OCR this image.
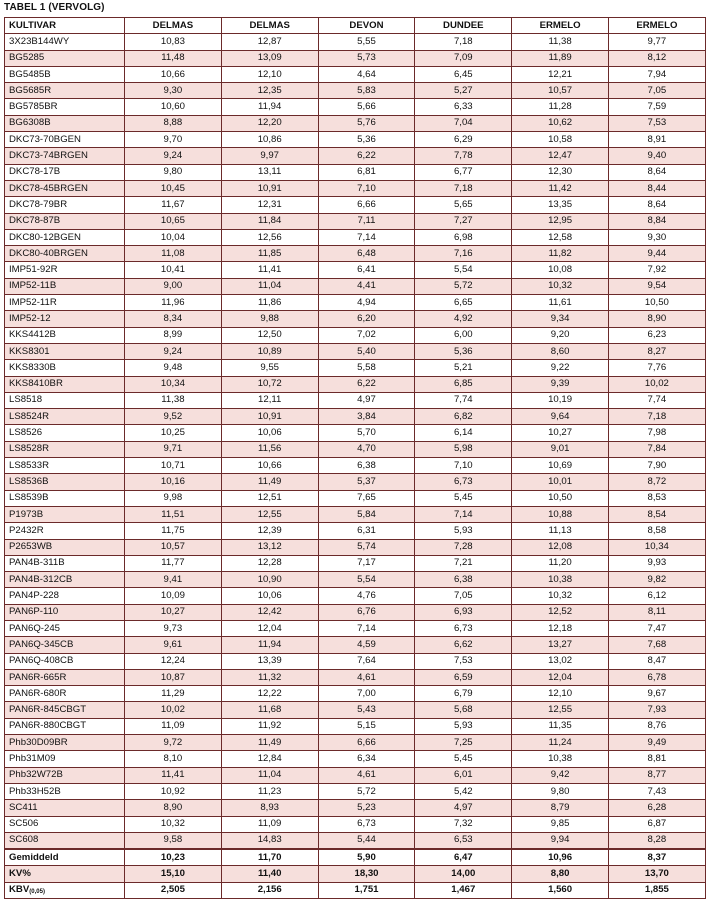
TABEL 1 (VERVOLG)
KULTIVAR	DELMAS	DELMAS	DEVON	DUNDEE	ERMELO	ERMELO
3X23B144WY	10,83	12,87	5,55	7,18	11,38	9,77
BG5285	11,48	13,09	5,73	7,09	11,89	8,12
BG5485B	10,66	12,10	4,64	6,45	12,21	7,94
BG5685R	9,30	12,35	5,83	5,27	10,57	7,05
BG5785BR	10,60	11,94	5,66	6,33	11,28	7,59
BG6308B	8,88	12,20	5,76	7,04	10,62	7,53
DKC73-70BGEN	9,70	10,86	5,36	6,29	10,58	8,91
DKC73-74BRGEN	9,24	9,97	6,22	7,78	12,47	9,40
DKC78-17B	9,80	13,11	6,81	6,77	12,30	8,64
DKC78-45BRGEN	10,45	10,91	7,10	7,18	11,42	8,44
DKC78-79BR	11,67	12,31	6,66	5,65	13,35	8,64
DKC78-87B	10,65	11,84	7,11	7,27	12,95	8,84
DKC80-12BGEN	10,04	12,56	7,14	6,98	12,58	9,30
DKC80-40BRGEN	11,08	11,85	6,48	7,16	11,82	9,44
IMP51-92R	10,41	11,41	6,41	5,54	10,08	7,92
IMP52-11B	9,00	11,04	4,41	5,72	10,32	9,54
IMP52-11R	11,96	11,86	4,94	6,65	11,61	10,50
IMP52-12	8,34	9,88	6,20	4,92	9,34	8,90
KKS4412B	8,99	12,50	7,02	6,00	9,20	6,23
KKS8301	9,24	10,89	5,40	5,36	8,60	8,27
KKS8330B	9,48	9,55	5,58	5,21	9,22	7,76
KKS8410BR	10,34	10,72	6,22	6,85	9,39	10,02
LS8518	11,38	12,11	4,97	7,74	10,19	7,74
LS8524R	9,52	10,91	3,84	6,82	9,64	7,18
LS8526	10,25	10,06	5,70	6,14	10,27	7,98
LS8528R	9,71	11,56	4,70	5,98	9,01	7,84
LS8533R	10,71	10,66	6,38	7,10	10,69	7,90
LS8536B	10,16	11,49	5,37	6,73	10,01	8,72
LS8539B	9,98	12,51	7,65	5,45	10,50	8,53
P1973B	11,51	12,55	5,84	7,14	10,88	8,54
P2432R	11,75	12,39	6,31	5,93	11,13	8,58
P2653WB	10,57	13,12	5,74	7,28	12,08	10,34
PAN4B-311B	11,77	12,28	7,17	7,21	11,20	9,93
PAN4B-312CB	9,41	10,90	5,54	6,38	10,38	9,82
PAN4P-228	10,09	10,06	4,76	7,05	10,32	6,12
PAN6P-110	10,27	12,42	6,76	6,93	12,52	8,11
PAN6Q-245	9,73	12,04	7,14	6,73	12,18	7,47
PAN6Q-345CB	9,61	11,94	4,59	6,62	13,27	7,68
PAN6Q-408CB	12,24	13,39	7,64	7,53	13,02	8,47
PAN6R-665R	10,87	11,32	4,61	6,59	12,04	6,78
PAN6R-680R	11,29	12,22	7,00	6,79	12,10	9,67
PAN6R-845CBGT	10,02	11,68	5,43	5,68	12,55	7,93
PAN6R-880CBGT	11,09	11,92	5,15	5,93	11,35	8,76
Phb30D09BR	9,72	11,49	6,66	7,25	11,24	9,49
Phb31M09	8,10	12,84	6,34	5,45	10,38	8,81
Phb32W72B	11,41	11,04	4,61	6,01	9,42	8,77
Phb33H52B	10,92	11,23	5,72	5,42	9,80	7,43
SC411	8,90	8,93	5,23	4,97	8,79	6,28
SC506	10,32	11,09	6,73	7,32	9,85	6,87
SC608	9,58	14,83	5,44	6,53	9,94	8,28
Gemiddeld	10,23	11,70	5,90	6,47	10,96	8,37
KV%	15,10	11,40	18,30	14,00	8,80	13,70
KBV(0,05)	2,505	2,156	1,751	1,467	1,560	1,855
